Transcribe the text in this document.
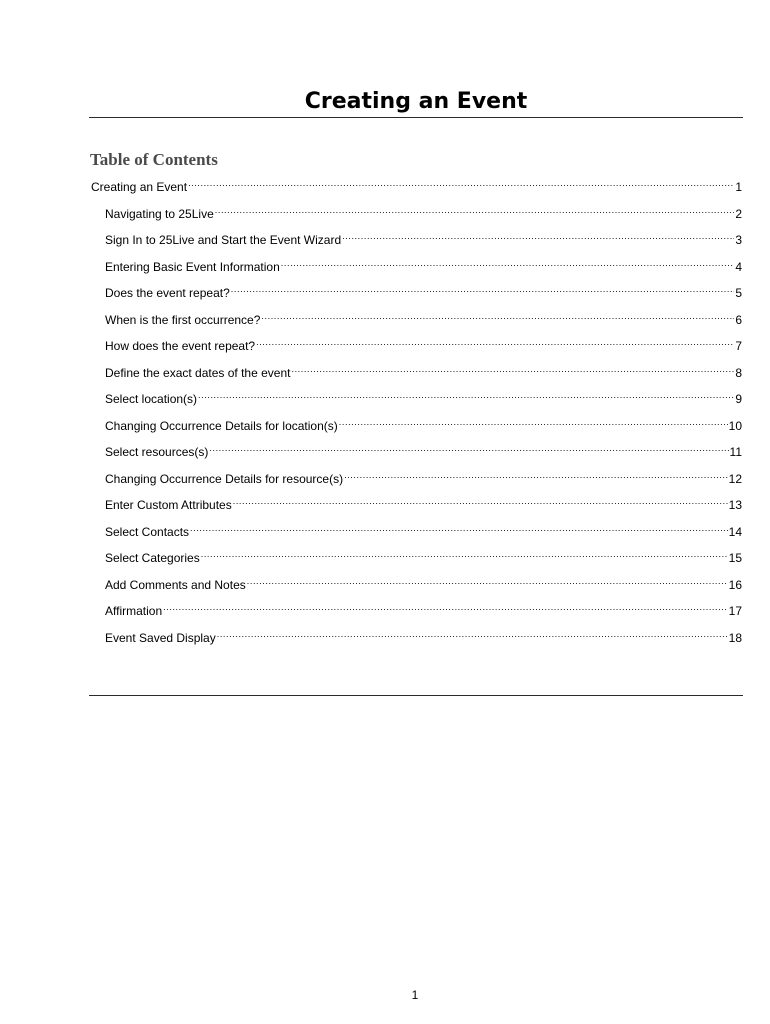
Creating an Event
Table of Contents
Creating an Event .....	1
Navigating to 25Live .....	2
Sign In to 25Live and Start the Event Wizard .....	3
Entering Basic Event Information .....	4
Does the event repeat? .....	5
When is the first occurrence? .....	6
How does the event repeat? .....	7
Define the exact dates of the event .....	8
Select location(s) .....	9
Changing Occurrence Details for location(s) .....	10
Select resources(s) .....	11
Changing Occurrence Details for resource(s) .....	12
Enter Custom Attributes .....	13
Select Contacts .....	14
Select Categories .....	15
Add Comments and Notes .....	16
Affirmation .....	17
Event Saved Display .....	18
1
